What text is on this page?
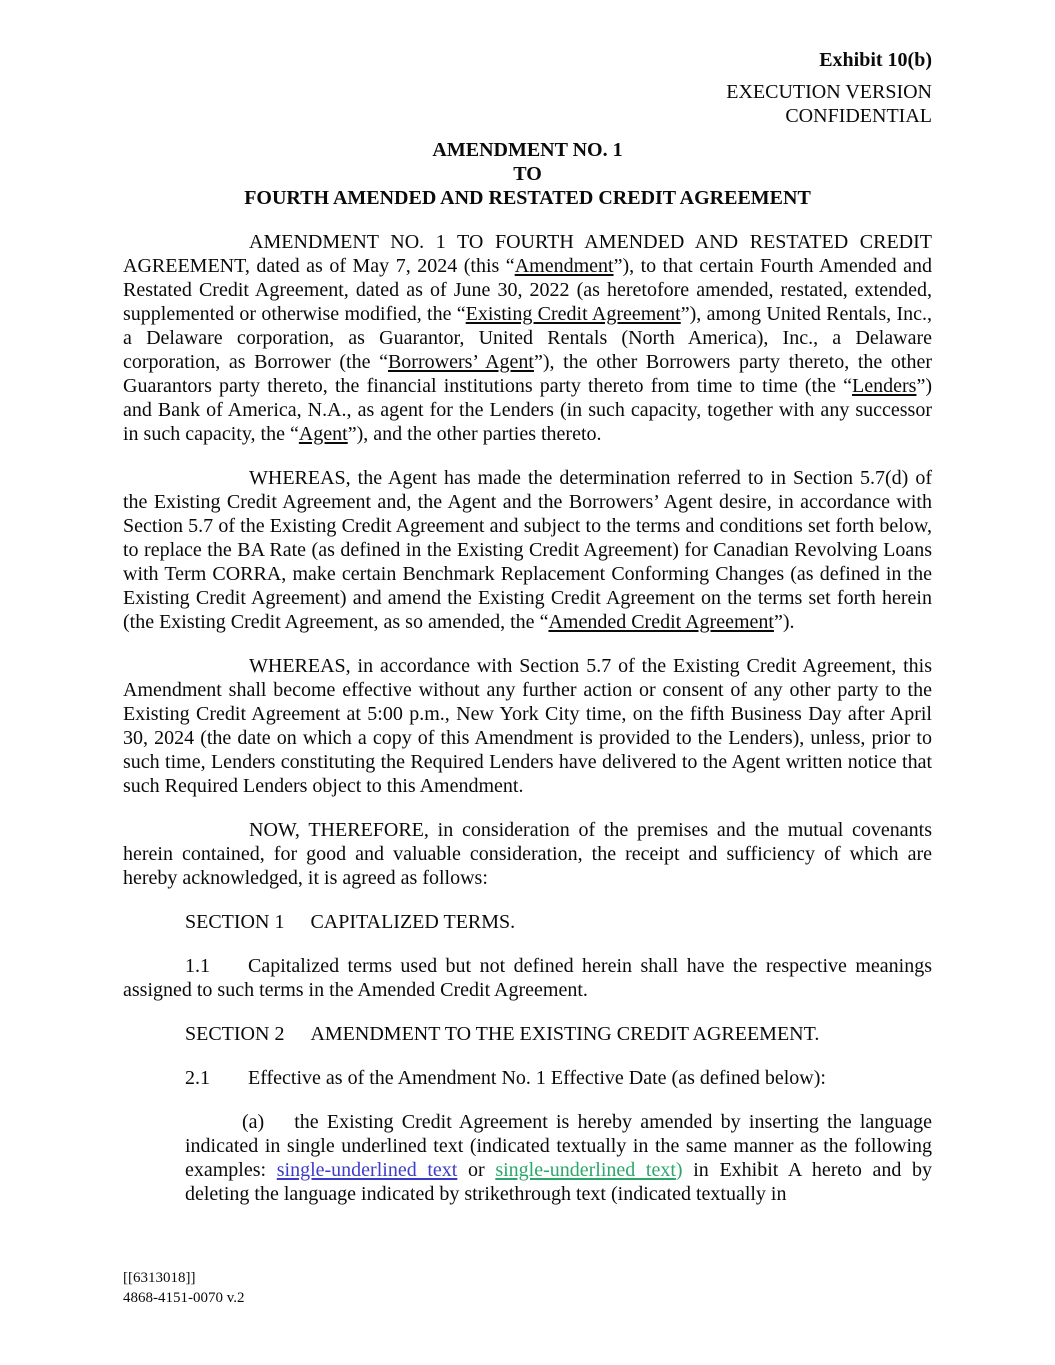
Exhibit 10(b)
EXECUTION VERSION
CONFIDENTIAL
AMENDMENT NO. 1
TO
FOURTH AMENDED AND RESTATED CREDIT AGREEMENT

AMENDMENT NO. 1 TO FOURTH AMENDED AND RESTATED CREDIT AGREEMENT, dated as of May 7, 2024 (this “Amendment”), to that certain Fourth Amended and Restated Credit Agreement, dated as of June 30, 2022 (as heretofore amended, restated, extended, supplemented or otherwise modified, the “Existing Credit Agreement”), among United Rentals, Inc., a Delaware corporation, as Guarantor, United Rentals (North America), Inc., a Delaware corporation, as Borrower (the “Borrowers’ Agent”), the other Borrowers party thereto, the other Guarantors party thereto, the financial institutions party thereto from time to time (the “Lenders”) and Bank of America, N.A., as agent for the Lenders (in such capacity, together with any successor in such capacity, the “Agent”), and the other parties thereto.

WHEREAS, the Agent has made the determination referred to in Section 5.7(d) of the Existing Credit Agreement and, the Agent and the Borrowers’ Agent desire, in accordance with Section 5.7 of the Existing Credit Agreement and subject to the terms and conditions set forth below, to replace the BA Rate (as defined in the Existing Credit Agreement) for Canadian Revolving Loans with Term CORRA, make certain Benchmark Replacement Conforming Changes (as defined in the Existing Credit Agreement) and amend the Existing Credit Agreement on the terms set forth herein (the Existing Credit Agreement, as so amended, the “Amended Credit Agreement”).

WHEREAS, in accordance with Section 5.7 of the Existing Credit Agreement, this Amendment shall become effective without any further action or consent of any other party to the Existing Credit Agreement at 5:00 p.m., New York City time, on the fifth Business Day after April 30, 2024 (the date on which a copy of this Amendment is provided to the Lenders), unless, prior to such time, Lenders constituting the Required Lenders have delivered to the Agent written notice that such Required Lenders object to this Amendment.

NOW, THEREFORE, in consideration of the premises and the mutual covenants herein contained, for good and valuable consideration, the receipt and sufficiency of which are hereby acknowledged, it is agreed as follows:

SECTION 1 CAPITALIZED TERMS.

1.1 Capitalized terms used but not defined herein shall have the respective meanings assigned to such terms in the Amended Credit Agreement.

SECTION 2 AMENDMENT TO THE EXISTING CREDIT AGREEMENT.

2.1 Effective as of the Amendment No. 1 Effective Date (as defined below):

(a) the Existing Credit Agreement is hereby amended by inserting the language indicated in single underlined text (indicated textually in the same manner as the following examples: single-underlined text or single-underlined text) in Exhibit A hereto and by deleting the language indicated by strikethrough text (indicated textually in

[[6313018]]
4868-4151-0070 v.2
